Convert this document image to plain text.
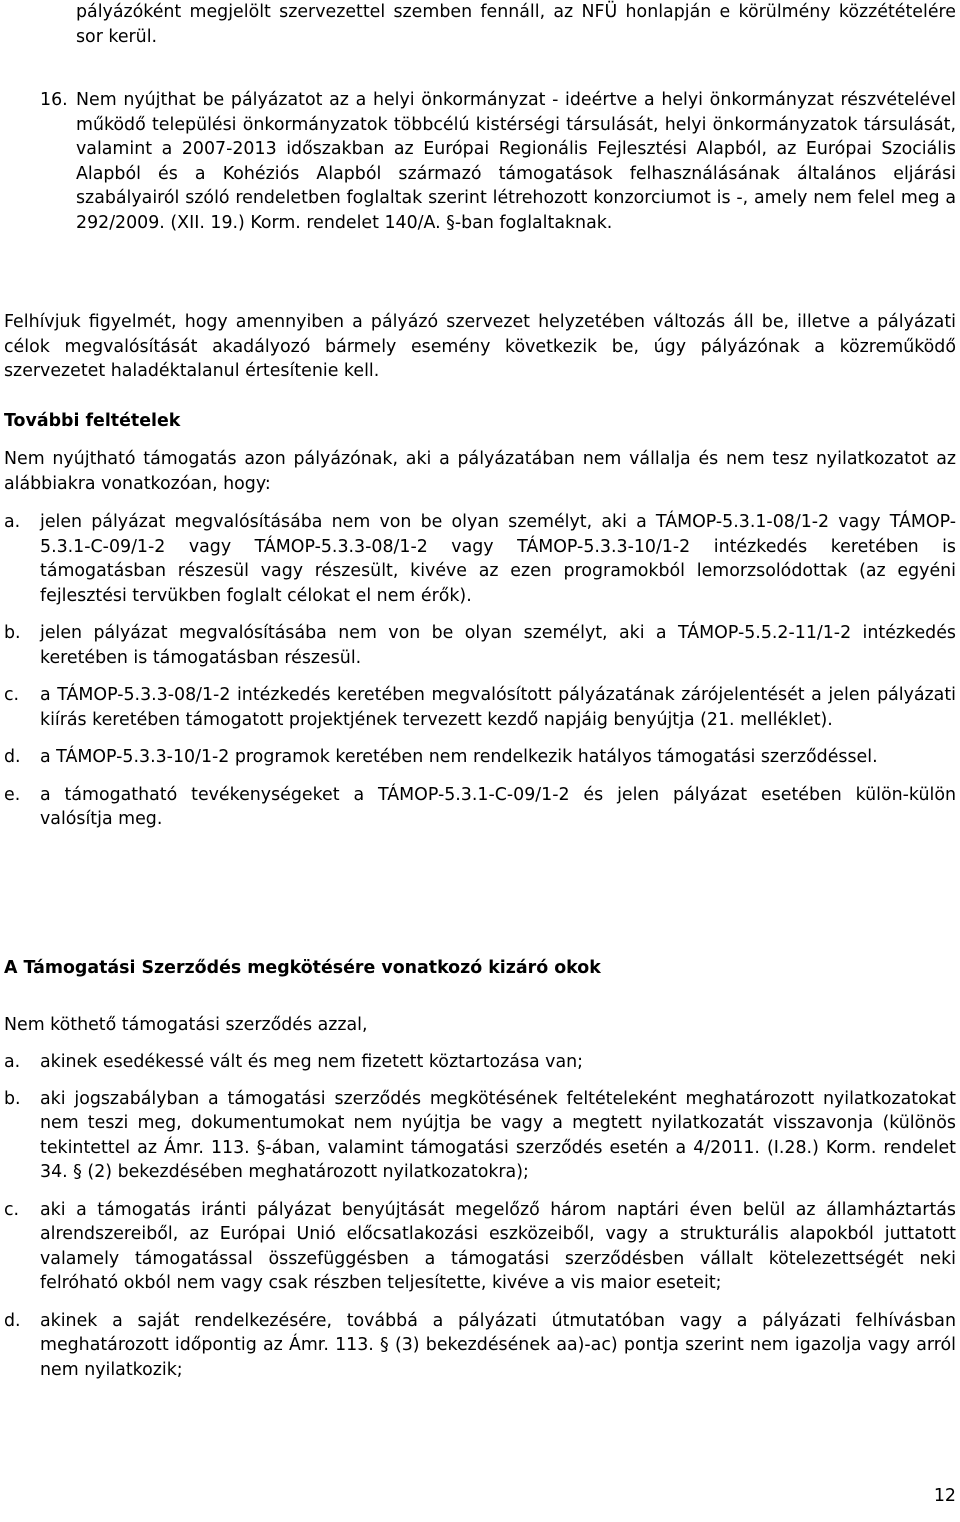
pályázóként megjelölt szervezettel szemben fennáll, az NFÜ honlapján e körülmény közzétételére sor kerül.

16. Nem nyújthat be pályázatot az a helyi önkormányzat - ideértve a helyi önkormányzat részvételével működő települési önkormányzatok többcélú kistérségi társulását, helyi önkormányzatok társulását, valamint a 2007-2013 időszakban az Európai Regionális Fejlesztési Alapból, az Európai Szociális Alapból és a Kohéziós Alapból származó támogatások felhasználásának általános eljárási szabályairól szóló rendeletben foglaltak szerint létrehozott konzorciumot is -, amely nem felel meg a 292/2009. (XII. 19.) Korm. rendelet 140/A. §-ban foglaltaknak.

Felhívjuk figyelmét, hogy amennyiben a pályázó szervezet helyzetében változás áll be, illetve a pályázati célok megvalósítását akadályozó bármely esemény következik be, úgy pályázónak a közreműködő szervezetet haladéktalanul értesítenie kell.

További feltételek

Nem nyújtható támogatás azon pályázónak, aki a pályázatában nem vállalja és nem tesz nyilatkozatot az alábbiakra vonatkozóan, hogy:

a.	jelen pályázat megvalósításába nem von be olyan személyt, aki a TÁMOP-5.3.1-08/1-2 vagy TÁMOP-5.3.1-C-09/1-2 vagy TÁMOP-5.3.3-08/1-2 vagy TÁMOP-5.3.3-10/1-2 intézkedés keretében is támogatásban részesül vagy részesült, kivéve az ezen programokból lemorzsolódottak (az egyéni fejlesztési tervükben foglalt célokat el nem érők).
b.	jelen pályázat megvalósításába nem von be olyan személyt, aki a TÁMOP-5.5.2-11/1-2 intézkedés keretében is támogatásban részesül.
c.	a TÁMOP-5.3.3-08/1-2 intézkedés keretében megvalósított pályázatának zárójelentését a jelen pályázati kiírás keretében támogatott projektjének tervezett kezdő napjáig benyújtja (21. melléklet).
d.	a TÁMOP-5.3.3-10/1-2 programok keretében nem rendelkezik hatályos támogatási szerződéssel.
e.	a támogatható tevékenységeket a TÁMOP-5.3.1-C-09/1-2 és jelen pályázat esetében külön-külön valósítja meg.

A Támogatási Szerződés megkötésére vonatkozó kizáró okok

Nem köthető támogatási szerződés azzal,

a.	akinek esedékessé vált és meg nem fizetett köztartozása van;
b.	aki jogszabályban a támogatási szerződés megkötésének feltételeként meghatározott nyilatkozatokat nem teszi meg, dokumentumokat nem nyújtja be vagy a megtett nyilatkozatát visszavonja (különös tekintettel az Ámr. 113. §-ában, valamint támogatási szerződés esetén a 4/2011. (I.28.) Korm. rendelet 34. § (2) bekezdésében meghatározott nyilatkozatokra);
c.	aki a támogatás iránti pályázat benyújtását megelőző három naptári éven belül az államháztartás alrendszereiből, az Európai Unió előcsatlakozási eszközeiből, vagy a strukturális alapokból juttatott valamely támogatással összefüggésben a támogatási szerződésben vállalt kötelezettségét neki felróható okból nem vagy csak részben teljesítette, kivéve a vis maior eseteit;
d.	akinek a saját rendelkezésére, továbbá a pályázati útmutatóban vagy a pályázati felhívásban meghatározott időpontig az Ámr. 113. § (3) bekezdésének aa)-ac) pontja szerint nem igazolja vagy arról nem nyilatkozik;
12
